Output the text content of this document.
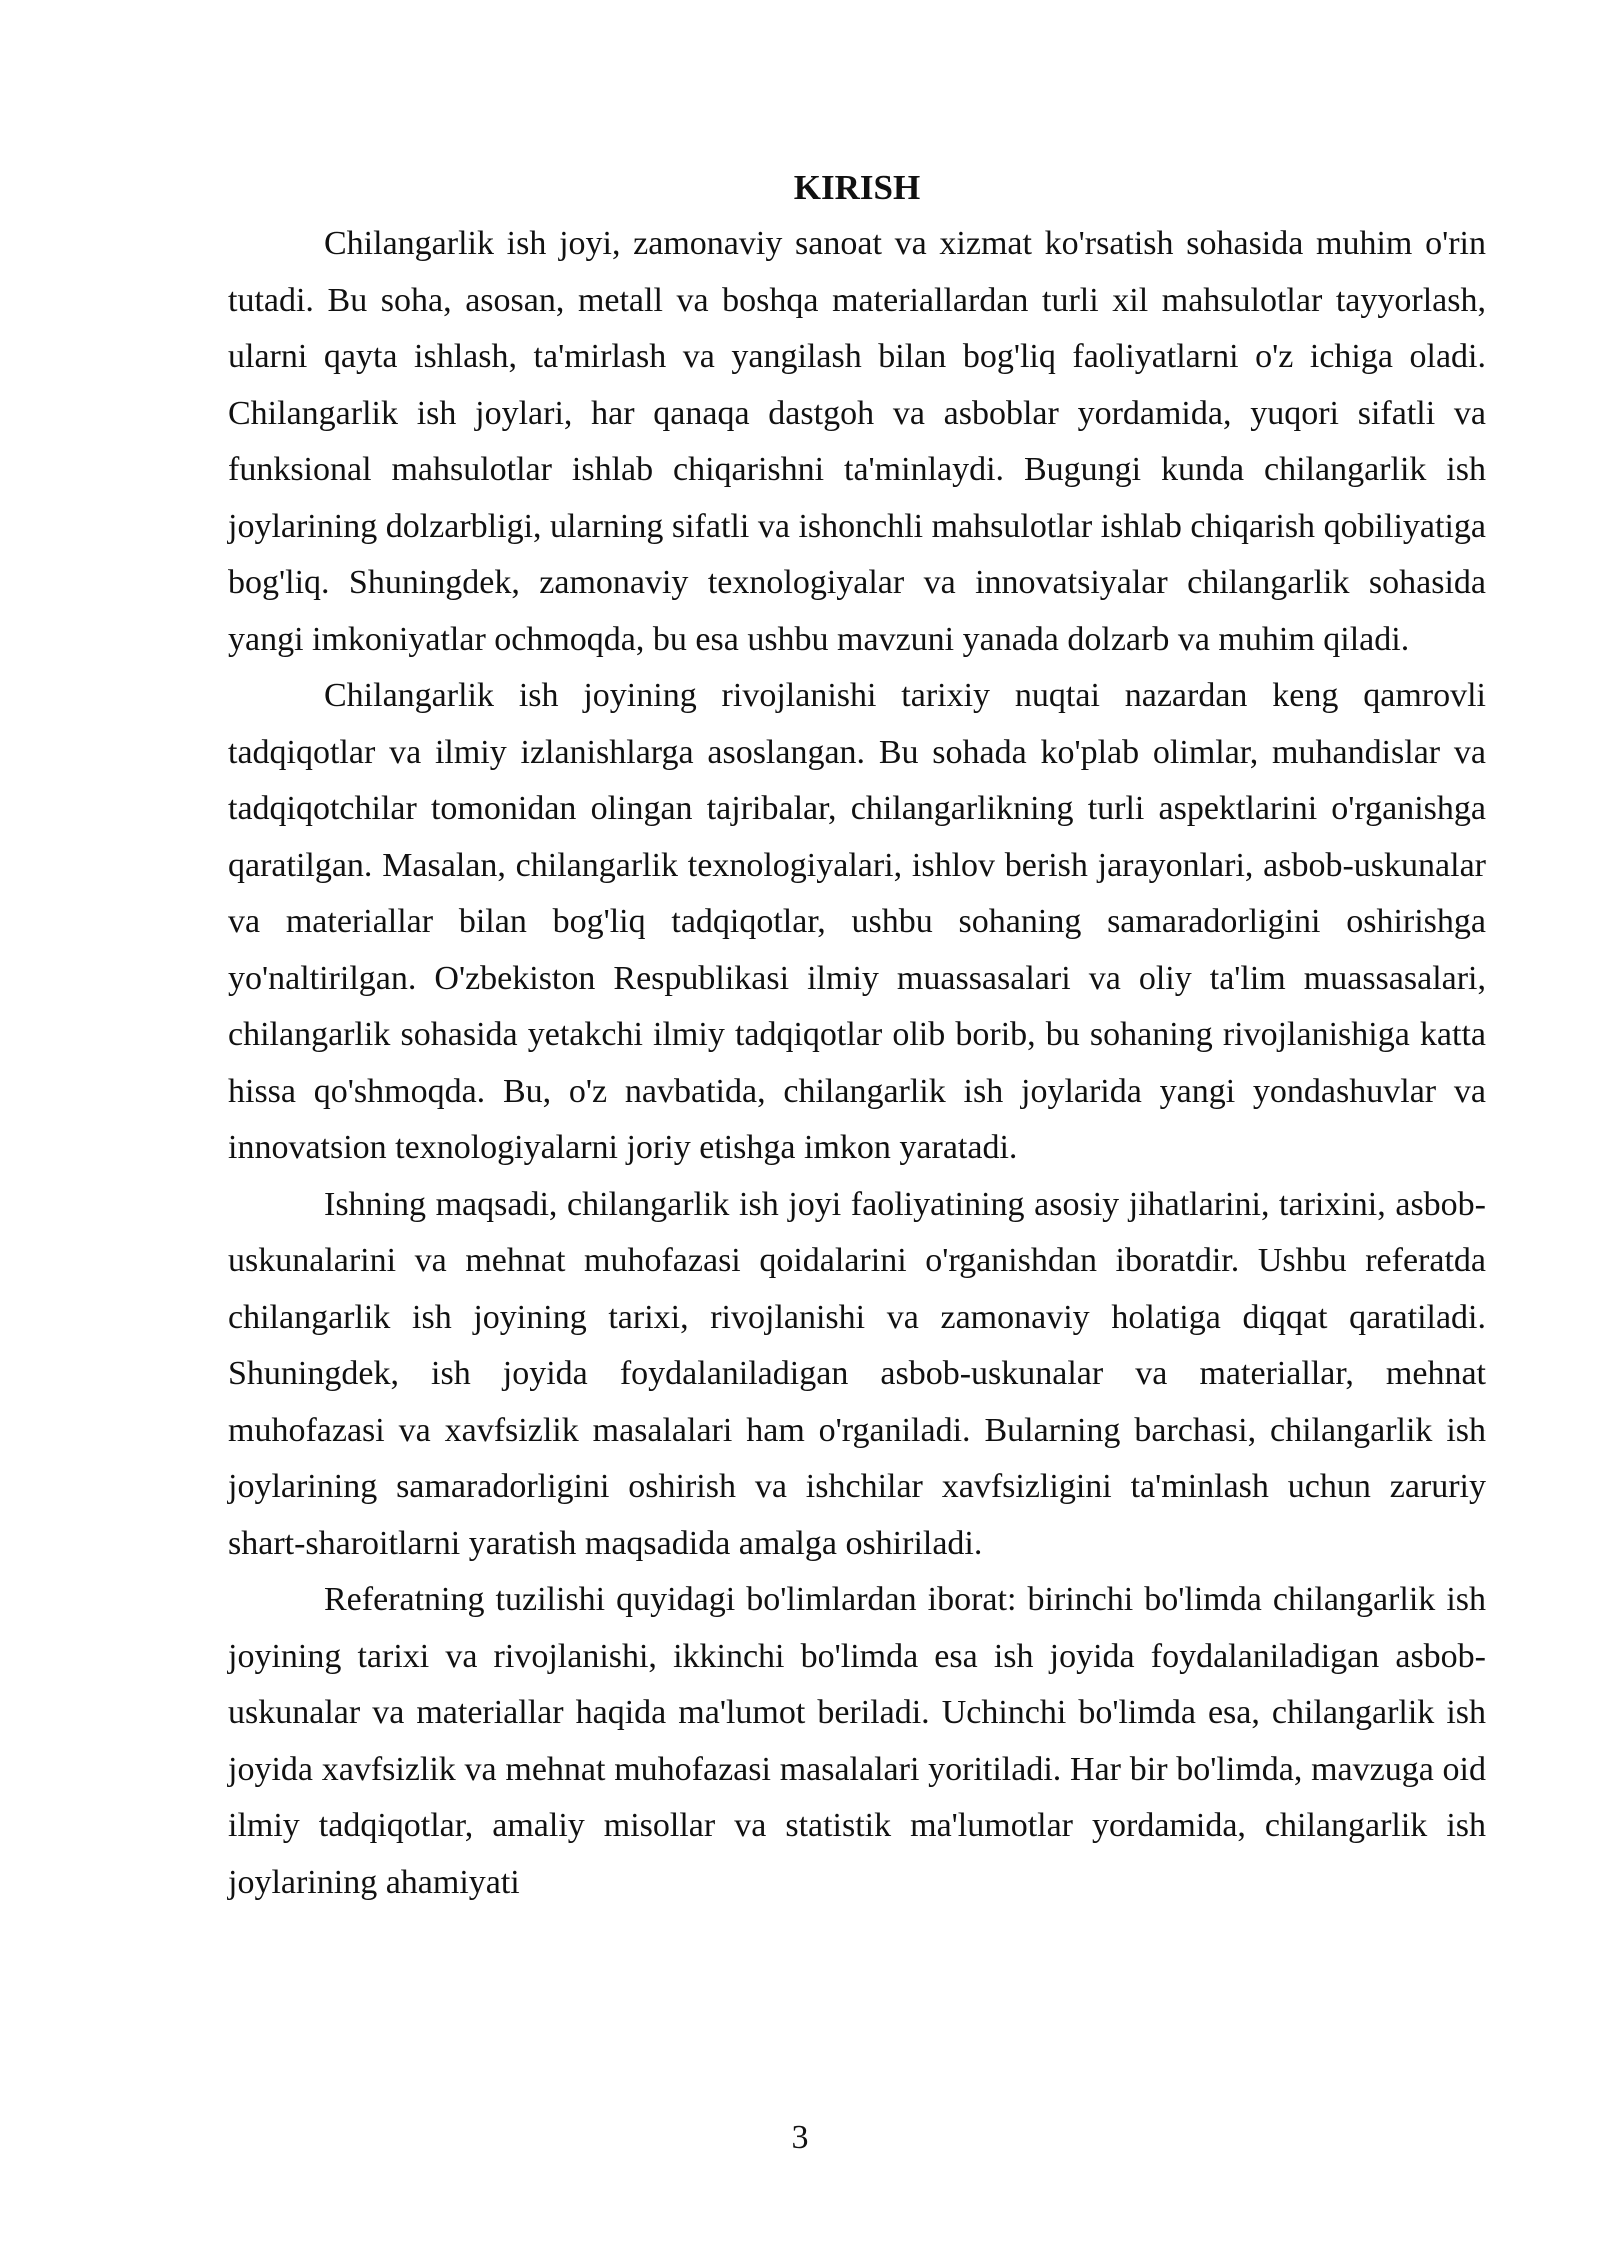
KIRISH

Chilangarlik ish joyi, zamonaviy sanoat va xizmat ko'rsatish sohasida muhim o'rin tutadi. Bu soha, asosan, metall va boshqa materiallardan turli xil mahsulotlar tayyorlash, ularni qayta ishlash, ta'mirlash va yangilash bilan bog'liq faoliyatlarni o'z ichiga oladi. Chilangarlik ish joylari, har qanaqa dastgoh va asboblar yordamida, yuqori sifatli va funksional mahsulotlar ishlab chiqarishni ta'minlaydi. Bugungi kunda chilangarlik ish joylarining dolzarbligi, ularning sifatli va ishonchli mahsulotlar ishlab chiqarish qobiliyatiga bog'liq. Shuningdek, zamonaviy texnologiyalar va innovatsiyalar chilangarlik sohasida yangi imkoniyatlar ochmoqda, bu esa ushbu mavzuni yanada dolzarb va muhim qiladi.

Chilangarlik ish joyining rivojlanishi tarixiy nuqtai nazardan keng qamrovli tadqiqotlar va ilmiy izlanishlarga asoslangan. Bu sohada ko'plab olimlar, muhandislar va tadqiqotchilar tomonidan olingan tajribalar, chilangarlikning turli aspektlarini o'rganishga qaratilgan. Masalan, chilangarlik texnologiyalari, ishlov berish jarayonlari, asbob-uskunalar va materiallar bilan bog'liq tadqiqotlar, ushbu sohaning samaradorligini oshirishga yo'naltirilgan. O'zbekiston Respublikasi ilmiy muassasalari va oliy ta'lim muassasalari, chilangarlik sohasida yetakchi ilmiy tadqiqotlar olib borib, bu sohaning rivojlanishiga katta hissa qo'shmoqda. Bu, o'z navbatida, chilangarlik ish joylarida yangi yondashuvlar va innovatsion texnologiyalarni joriy etishga imkon yaratadi.

Ishning maqsadi, chilangarlik ish joyi faoliyatining asosiy jihatlarini, tarixini, asbob-uskunalarini va mehnat muhofazasi qoidalarini o'rganishdan iboratdir. Ushbu referatda chilangarlik ish joyining tarixi, rivojlanishi va zamonaviy holatiga diqqat qaratiladi. Shuningdek, ish joyida foydalaniladigan asbob-uskunalar va materiallar, mehnat muhofazasi va xavfsizlik masalalari ham o'rganiladi. Bularning barchasi, chilangarlik ish joylarining samaradorligini oshirish va ishchilar xavfsizligini ta'minlash uchun zaruriy shart-sharoitlarni yaratish maqsadida amalga oshiriladi.

Referatning tuzilishi quyidagi bo'limlardan iborat: birinchi bo'limda chilangarlik ish joyining tarixi va rivojlanishi, ikkinchi bo'limda esa ish joyida foydalaniladigan asbob-uskunalar va materiallar haqida ma'lumot beriladi. Uchinchi bo'limda esa, chilangarlik ish joyida xavfsizlik va mehnat muhofazasi masalalari yoritiladi. Har bir bo'limda, mavzuga oid ilmiy tadqiqotlar, amaliy misollar va statistik ma'lumotlar yordamida, chilangarlik ish joylarining ahamiyati

3
